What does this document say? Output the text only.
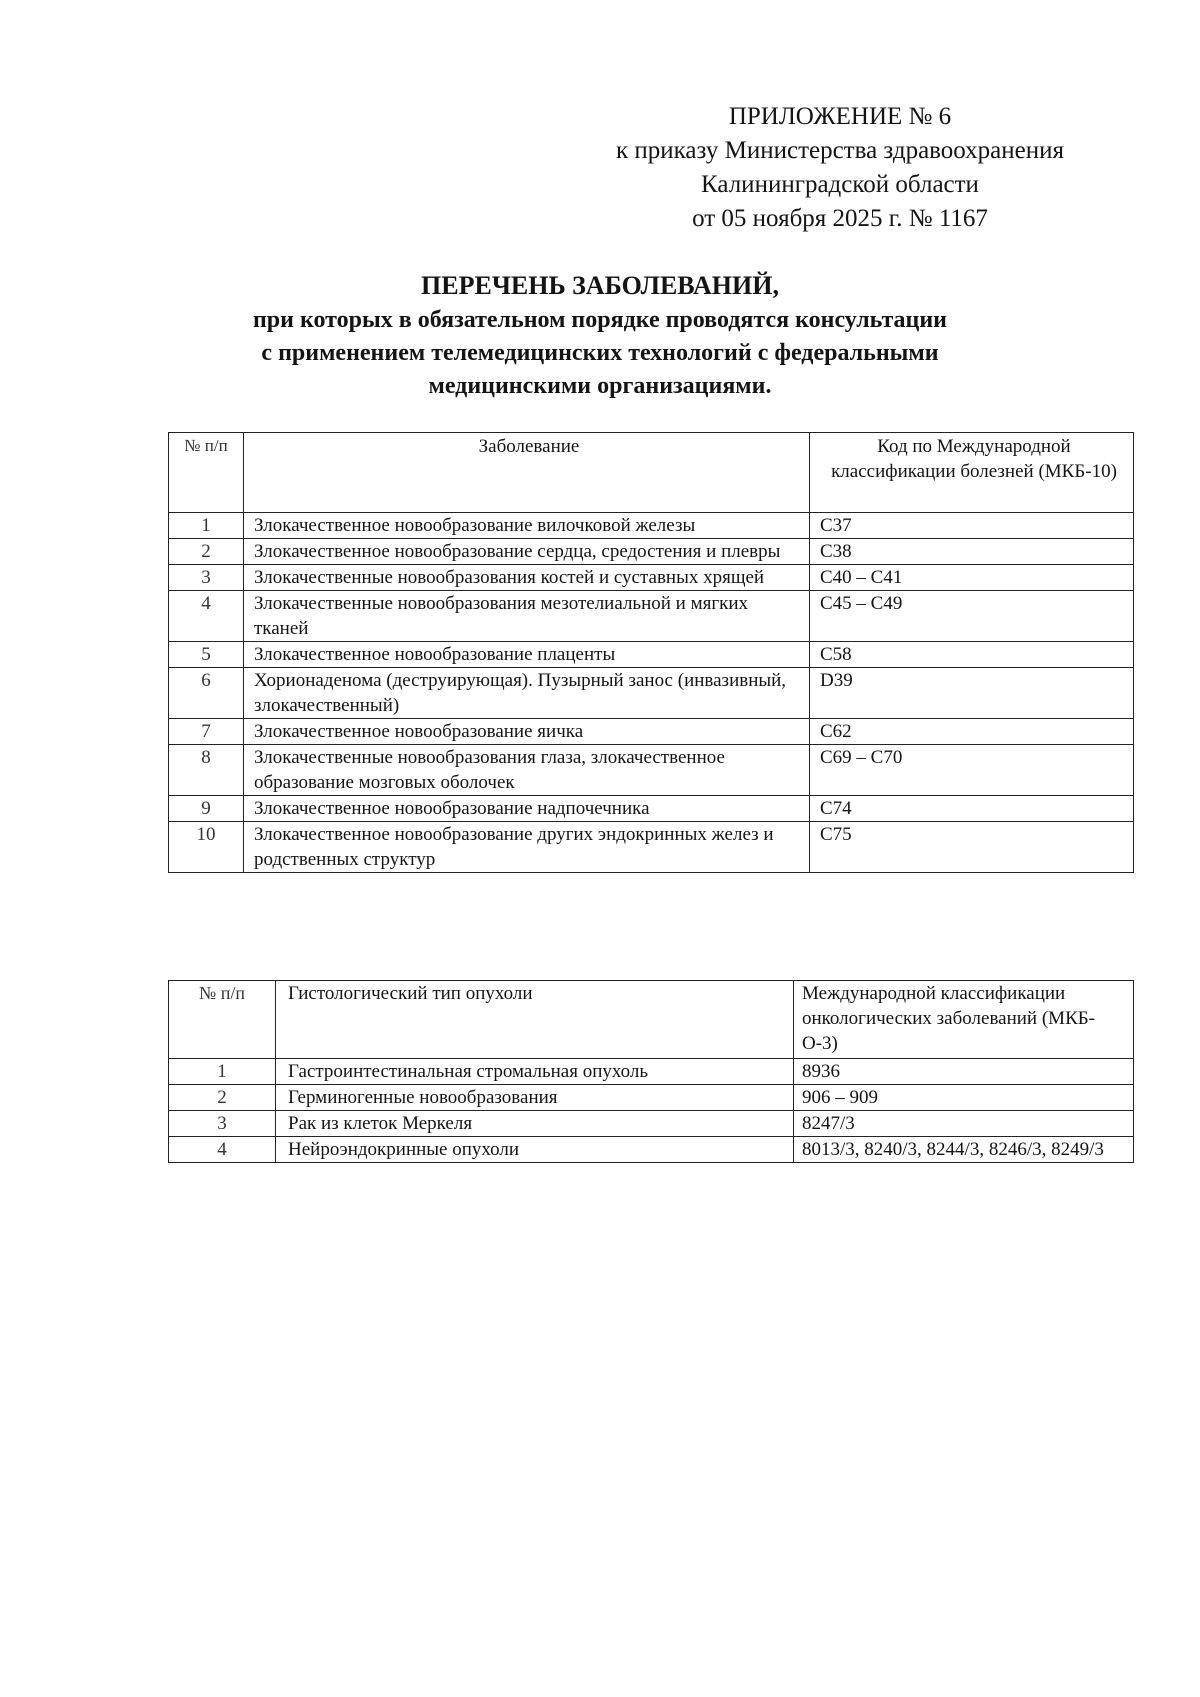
ПРИЛОЖЕНИЕ № 6
к приказу Министерства здравоохранения
Калининградской области
от 05 ноября 2025 г. № 1167
ПЕРЕЧЕНЬ ЗАБОЛЕВАНИЙ,
при которых в обязательном порядке проводятся консультации
с применением телемедицинских технологий с федеральными
медицинскими организациями.
№ п/п	Заболевание	Код по Международной классификации болезней (МКБ-10)
1	Злокачественное новообразование вилочковой железы	C37
2	Злокачественное новообразование сердца, средостения и плевры	C38
3	Злокачественные новообразования костей и суставных хрящей	C40 – C41
4	Злокачественные новообразования мезотелиальной и мягких тканей	C45 – C49
5	Злокачественное новообразование плаценты	C58
6	Хорионаденома (деструирующая). Пузырный занос (инвазивный, злокачественный)	D39
7	Злокачественное новообразование яичка	C62
8	Злокачественные новообразования глаза, злокачественное образование мозговых оболочек	C69 – C70
9	Злокачественное новообразование надпочечника	C74
10	Злокачественное новообразование других эндокринных желез и родственных структур	C75
№ п/п	Гистологический тип опухоли	Международной классификации онкологических заболеваний (МКБ-О-3)
1	Гастроинтестинальная стромальная опухоль	8936
2	Герминогенные новообразования	906 – 909
3	Рак из клеток Меркеля	8247/3
4	Нейроэндокринные опухоли	8013/3, 8240/3, 8244/3, 8246/3, 8249/3
